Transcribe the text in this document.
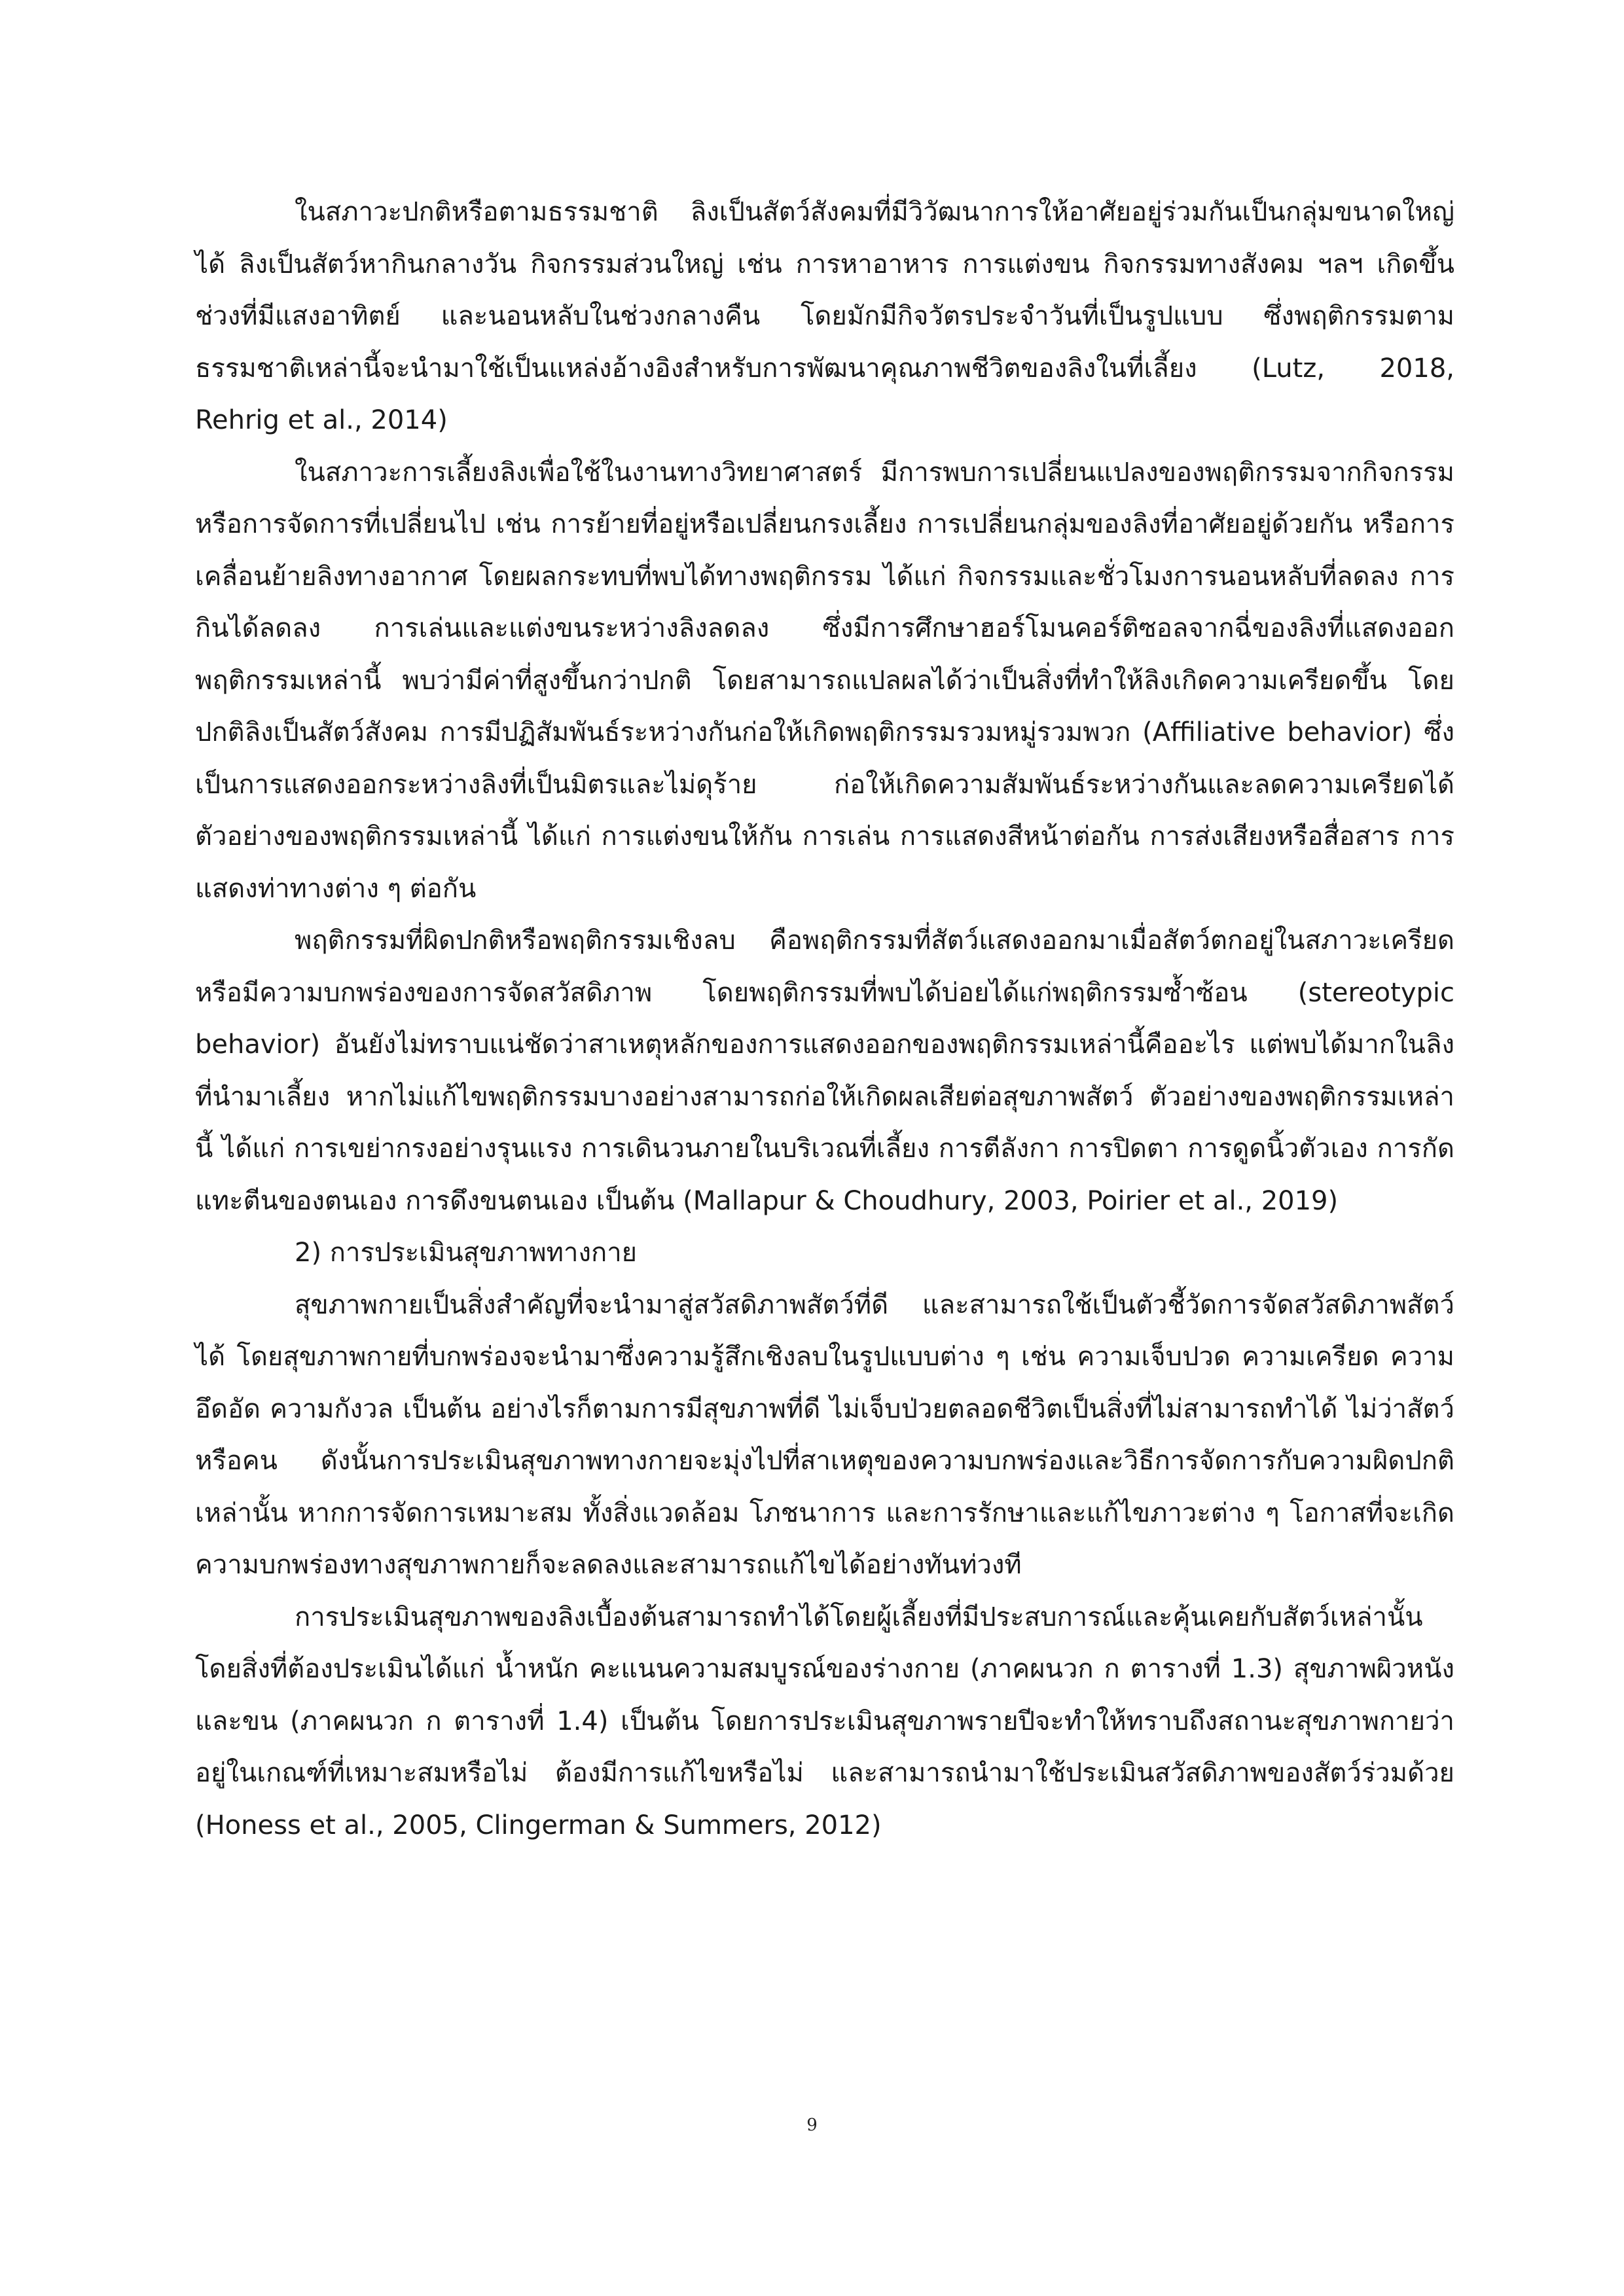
ในสภาวะปกติหรือตามธรรมชาติ ลิงเป็นสัตว์สังคมที่มีวิวัฒนาการให้อาศัยอยู่ร่วมกันเป็นกลุ่มขนาดใหญ่ได้ ลิงเป็นสัตว์หากินกลางวัน กิจกรรมส่วนใหญ่ เช่น การหาอาหาร การแต่งขน กิจกรรมทางสังคม ฯลฯ เกิดขึ้นช่วงที่มีแสงอาทิตย์ และนอนหลับในช่วงกลางคืน โดยมักมีกิจวัตรประจำวันที่เป็นรูปแบบ ซึ่งพฤติกรรมตามธรรมชาติเหล่านี้จะนำมาใช้เป็นแหล่งอ้างอิงสำหรับการพัฒนาคุณภาพชีวิตของลิงในที่เลี้ยง (Lutz, 2018, Rehrig et al., 2014)

ในสภาวะการเลี้ยงลิงเพื่อใช้ในงานทางวิทยาศาสตร์ มีการพบการเปลี่ยนแปลงของพฤติกรรมจากกิจกรรมหรือการจัดการที่เปลี่ยนไป เช่น การย้ายที่อยู่หรือเปลี่ยนกรงเลี้ยง การเปลี่ยนกลุ่มของลิงที่อาศัยอยู่ด้วยกัน หรือการเคลื่อนย้ายลิงทางอากาศ โดยผลกระทบที่พบได้ทางพฤติกรรม ได้แก่ กิจกรรมและชั่วโมงการนอนหลับที่ลดลง การกินได้ลดลง การเล่นและแต่งขนระหว่างลิงลดลง ซึ่งมีการศึกษาฮอร์โมนคอร์ติซอลจากฉี่ของลิงที่แสดงออกพฤติกรรมเหล่านี้ พบว่ามีค่าที่สูงขึ้นกว่าปกติ โดยสามารถแปลผลได้ว่าเป็นสิ่งที่ทำให้ลิงเกิดความเครียดขึ้น โดยปกติลิงเป็นสัตว์สังคม การมีปฏิสัมพันธ์ระหว่างกันก่อให้เกิดพฤติกรรมรวมหมู่รวมพวก (Affiliative behavior) ซึ่งเป็นการแสดงออกระหว่างลิงที่เป็นมิตรและไม่ดุร้าย ก่อให้เกิดความสัมพันธ์ระหว่างกันและลดความเครียดได้ ตัวอย่างของพฤติกรรมเหล่านี้ ได้แก่ การแต่งขนให้กัน การเล่น การแสดงสีหน้าต่อกัน การส่งเสียงหรือสื่อสาร การแสดงท่าทางต่าง ๆ ต่อกัน

พฤติกรรมที่ผิดปกติหรือพฤติกรรมเชิงลบ คือพฤติกรรมที่สัตว์แสดงออกมาเมื่อสัตว์ตกอยู่ในสภาวะเครียด หรือมีความบกพร่องของการจัดสวัสดิภาพ โดยพฤติกรรมที่พบได้บ่อยได้แก่พฤติกรรมซ้ำซ้อน (stereotypic behavior) อันยังไม่ทราบแน่ชัดว่าสาเหตุหลักของการแสดงออกของพฤติกรรมเหล่านี้คืออะไร แต่พบได้มากในลิงที่นำมาเลี้ยง หากไม่แก้ไขพฤติกรรมบางอย่างสามารถก่อให้เกิดผลเสียต่อสุขภาพสัตว์ ตัวอย่างของพฤติกรรมเหล่านี้ ได้แก่ การเขย่ากรงอย่างรุนแรง การเดินวนภายในบริเวณที่เลี้ยง การตีลังกา การปิดตา การดูดนิ้วตัวเอง การกัดแทะตีนของตนเอง การดึงขนตนเอง เป็นต้น (Mallapur & Choudhury, 2003, Poirier et al., 2019)

2) การประเมินสุขภาพทางกาย

สุขภาพกายเป็นสิ่งสำคัญที่จะนำมาสู่สวัสดิภาพสัตว์ที่ดี และสามารถใช้เป็นตัวชี้วัดการจัดสวัสดิภาพสัตว์ได้ โดยสุขภาพกายที่บกพร่องจะนำมาซึ่งความรู้สึกเชิงลบในรูปแบบต่าง ๆ เช่น ความเจ็บปวด ความเครียด ความอึดอัด ความกังวล เป็นต้น อย่างไรก็ตามการมีสุขภาพที่ดี ไม่เจ็บป่วยตลอดชีวิตเป็นสิ่งที่ไม่สามารถทำได้ ไม่ว่าสัตว์หรือคน ดังนั้นการประเมินสุขภาพทางกายจะมุ่งไปที่สาเหตุของความบกพร่องและวิธีการจัดการกับความผิดปกติเหล่านั้น หากการจัดการเหมาะสม ทั้งสิ่งแวดล้อม โภชนาการ และการรักษาและแก้ไขภาวะต่าง ๆ โอกาสที่จะเกิดความบกพร่องทางสุขภาพกายก็จะลดลงและสามารถแก้ไขได้อย่างทันท่วงที

การประเมินสุขภาพของลิงเบื้องต้นสามารถทำได้โดยผู้เลี้ยงที่มีประสบการณ์และคุ้นเคยกับสัตว์เหล่านั้น โดยสิ่งที่ต้องประเมินได้แก่ น้ำหนัก คะแนนความสมบูรณ์ของร่างกาย (ภาคผนวก ก ตารางที่ 1.3) สุขภาพผิวหนังและขน (ภาคผนวก ก ตารางที่ 1.4) เป็นต้น โดยการประเมินสุขภาพรายปีจะทำให้ทราบถึงสถานะสุขภาพกายว่าอยู่ในเกณฑ์ที่เหมาะสมหรือไม่ ต้องมีการแก้ไขหรือไม่ และสามารถนำมาใช้ประเมินสวัสดิภาพของสัตว์ร่วมด้วย (Honess et al., 2005, Clingerman & Summers, 2012)

9
